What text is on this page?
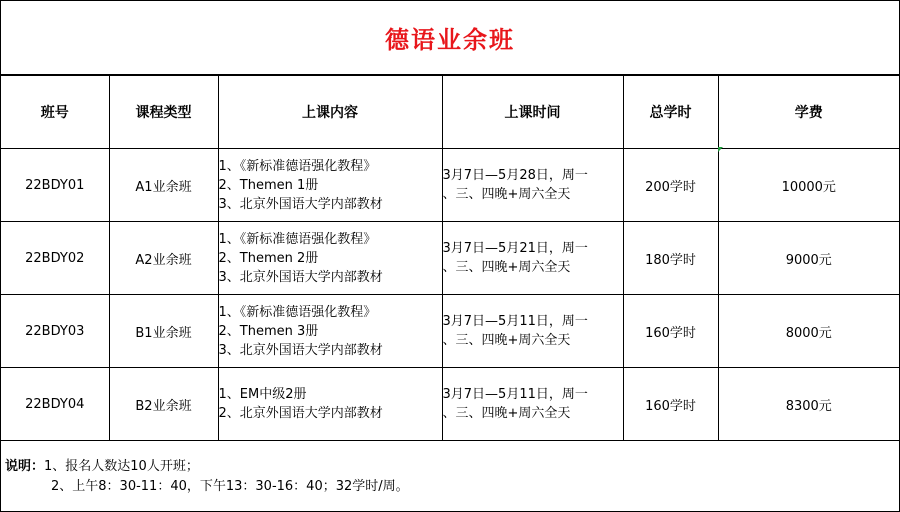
德语业余班
班号	课程类型	上课内容	上课时间	总学时	学费
22BDY01	A1业余班	1、《新标准德语强化教程》
2、Themen 1册
3、北京外国语大学内部教材	3月7日—5月28日，周一
、三、四晚+周六全天	200学时	10000元
22BDY02	A2业余班	1、《新标准德语强化教程》
2、Themen 2册
3、北京外国语大学内部教材	3月7日—5月21日，周一
、三、四晚+周六全天	180学时	9000元
22BDY03	B1业余班	1、《新标准德语强化教程》
2、Themen 3册
3、北京外国语大学内部教材	3月7日—5月11日，周一
、三、四晚+周六全天	160学时	8000元
22BDY04	B2业余班	1、EM中级2册
2、北京外国语大学内部教材	3月7日—5月11日，周一
、三、四晚+周六全天	160学时	8300元
说明：1、报名人数达10人开班；
2、上午8：30-11：40，下午13：30-16：40；32学时/周。
